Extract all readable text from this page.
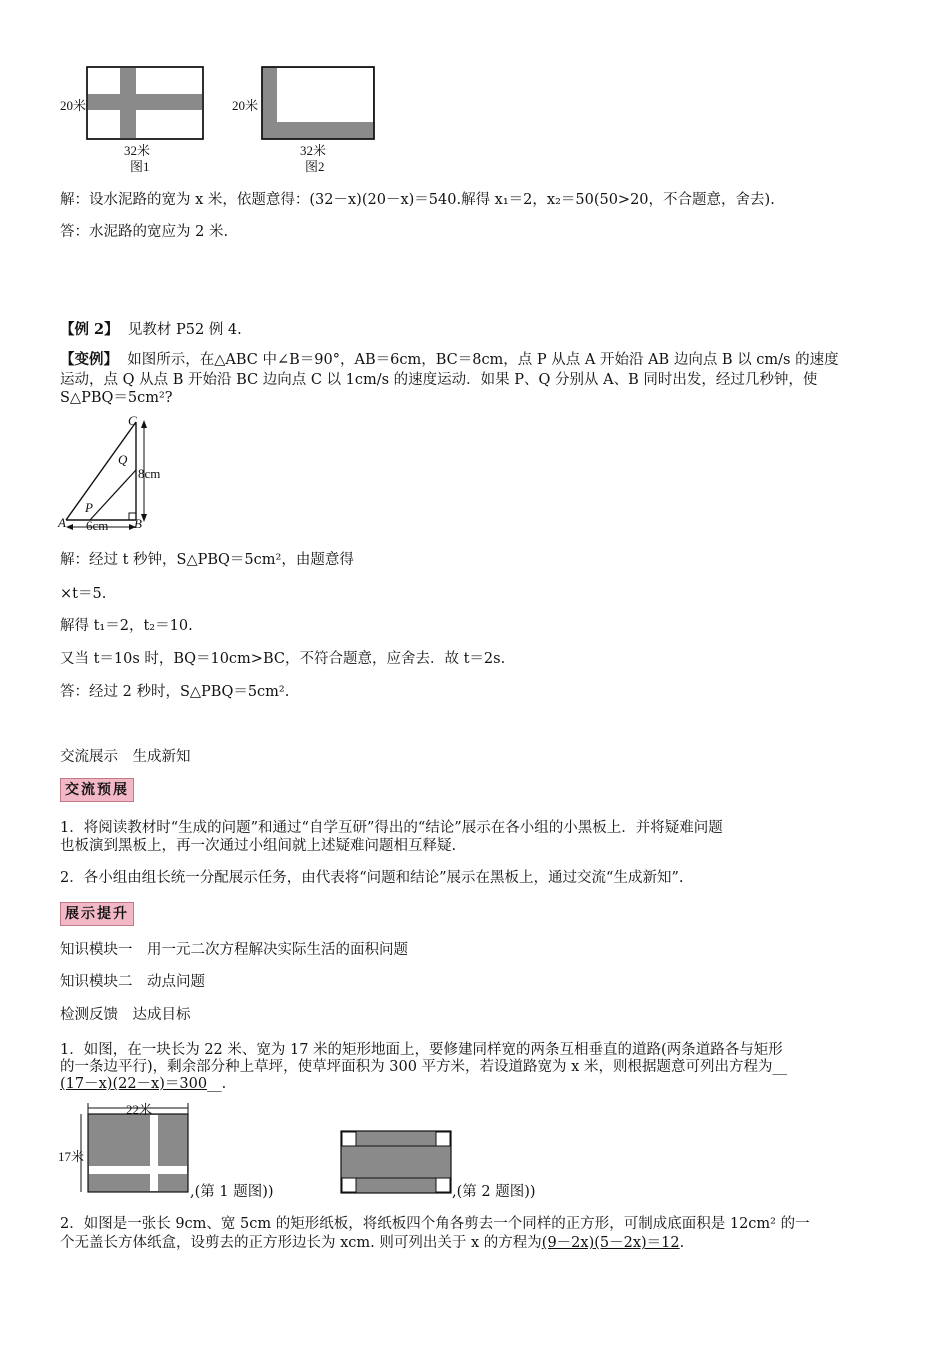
20米
32米
图1
20米
32米
图2
解：设水泥路的宽为 x 米，依题意得：(32－x)(20－x)＝540.解得 x₁＝2，x₂＝50(50>20，不合题意，舍去).
答：水泥路的宽应为 2 米.
【例 2】 见教材 P52 例 4.
【变例】 如图所示，在△ABC 中∠B＝90°，AB＝6cm，BC＝8cm，点 P 从点 A 开始沿 AB 边向点 B 以 cm/s 的速度
运动，点 Q 从点 B 开始沿 BC 边向点 C 以 1cm/s 的速度运动．如果 P、Q 分别从 A、B 同时出发，经过几秒钟，使
S△PBQ＝5cm²?
C
Q
8cm
P
A 6cm B
解：经过 t 秒钟，S△PBQ＝5cm²，由题意得
×t＝5.
解得 t₁＝2，t₂＝10.
又当 t＝10s 时，BQ＝10cm>BC，不符合题意，应舍去．故 t＝2s.
答：经过 2 秒时，S△PBQ＝5cm².
交流展示　生成新知
交流预展
1．将阅读教材时“生成的问题”和通过“自学互研”得出的“结论”展示在各小组的小黑板上．并将疑难问题
也板演到黑板上，再一次通过小组间就上述疑难问题相互释疑.
2．各小组由组长统一分配展示任务，由代表将“问题和结论”展示在黑板上，通过交流“生成新知”.
展示提升
知识模块一　用一元二次方程解决实际生活的面积问题
知识模块二　动点问题
检测反馈　达成目标
1．如图，在一块长为 22 米、宽为 17 米的矩形地面上，要修建同样宽的两条互相垂直的道路(两条道路各与矩形
的一条边平行)，剩余部分种上草坪，使草坪面积为 300 平方米，若设道路宽为 x 米，则根据题意可列出方程为__
(17－x)(22－x)＝300__.
22米
17米
,(第 1 题图))	,(第 2 题图))
2．如图是一张长 9cm、宽 5cm 的矩形纸板，将纸板四个角各剪去一个同样的正方形，可制成底面积是 12cm² 的一
个无盖长方体纸盒，设剪去的正方形边长为 xcm. 则可列出关于 x 的方程为(9－2x)(5－2x)＝12.
